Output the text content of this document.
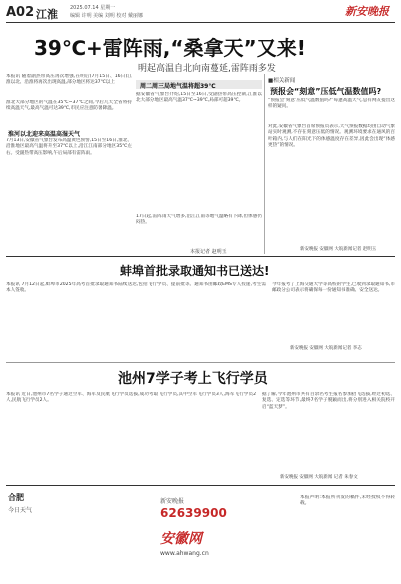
A02 江淮 2025.07.14 星期一
编辑 许明 美编 刘明 校对 戴丽娜	新安晚报
39℃+雷阵雨,“桑拿天”又来!
明起高温自北向南蔓延,雷阵雨多发
本报讯 随着副热带高压再次增强,在明后(7月15日、16日)江淮以北、沿淮将再次出现高温,部分地区将达37℃以上
淮北大部分地区的气温在35℃~37℃之间,今后几天全省将持续高温天气,最高气温可达39℃,市民应注意防暑降温。
淮河以北迎来高温高湿天气
7月13日,安徽省气象台发布高温黄色预警,15日至16日,淮北、沿淮地区最高气温将升至37℃以上,沿江江南部分地区35℃左右。受副热带高压影响,午后局部有雷阵雨。
周二周三局地气温将超39℃
据安徽省气象台介绍,15日至16日,受副热带高压控制,江淮以北大部分地区最高气温37℃~39℃,局部可超39℃。
17日起,雷阵雨天气增多,沿江江南等地气温略有下降,但体感仍闷热。
本报记者 赵明玉
■相关新闻
预报会“刻意”压低气温数值吗?
“预报会‘刻意’压低气温数值吗?”每逢高温天气,总有网友提出这样的疑问。
对此,安徽省气象台首席预报员表示,天气预报数据均由自动气象站实时观测,不存在刻意压低的情况。观测环境要求在通风的百叶箱内,与人们在阳光下的体感温度存在差异,因此会出现“体感更热”的情况。
新安晚报 安徽网 大皖新闻记者 赵明玉
蚌埠首批录取通知书已送达!
本报讯 7月12日起,蚌埠市2025年高考首批录取通知书陆续送达,包括飞行学员、提前批等。通知书由邮政EMS专人投递,考生需本人签收。
今年报考了上海交通大学等高校的学生,已收到录取通知书,市邮政分公司表示将确保每一份通知书准确、安全送达。
新安晚报 安徽网 大皖新闻记者 李志
池州7学子考上飞行学员
本报讯 近日,池州市7名学子通过空军、海军及民航飞行学员选拔,成功考取飞行学员,其中空军飞行学员3人,海军飞行学员2人,民航飞行学员2人。
据了解,今年池州市共有百余名考生报名参加招飞选拔,经过初选、复选、定选等环节,最终7名学子脱颖而出,将分别进入相关院校开启“蓝天梦”。
新安晚报 安徽网 大皖新闻 记者 朱春文
合肥
今日天气
新安晚报
62639900
安徽网
www.ahwang.cn
本报声明:本报所刊发的稿件,未经授权不得转载。
